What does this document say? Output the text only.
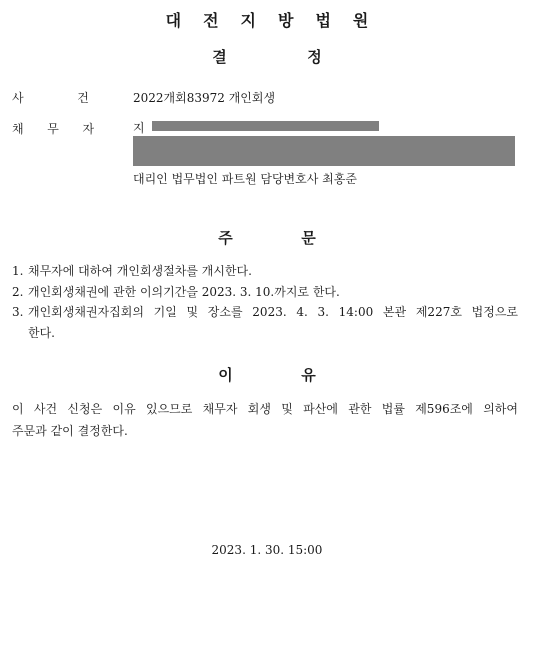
대전지방법원
결	정
사	건	2022개회83972 개인회생
채 무 자	지
대리인 법무법인 파트원 담당변호사 최홍준
주	문
1. 채무자에 대하여 개인회생절차를 개시한다.
2. 개인회생채권에 관한 이의기간을 2023. 3. 10.까지로 한다.
3. 개인회생채권자집회의 기일 및 장소를 2023. 4. 3. 14:00 본관 제227호 법정으로
한다.
이	유
이 사건 신청은 이유 있으므로 채무자 회생 및 파산에 관한 법률 제596조에 의하여
주문과 같이 결정한다.
2023. 1. 30. 15:00
